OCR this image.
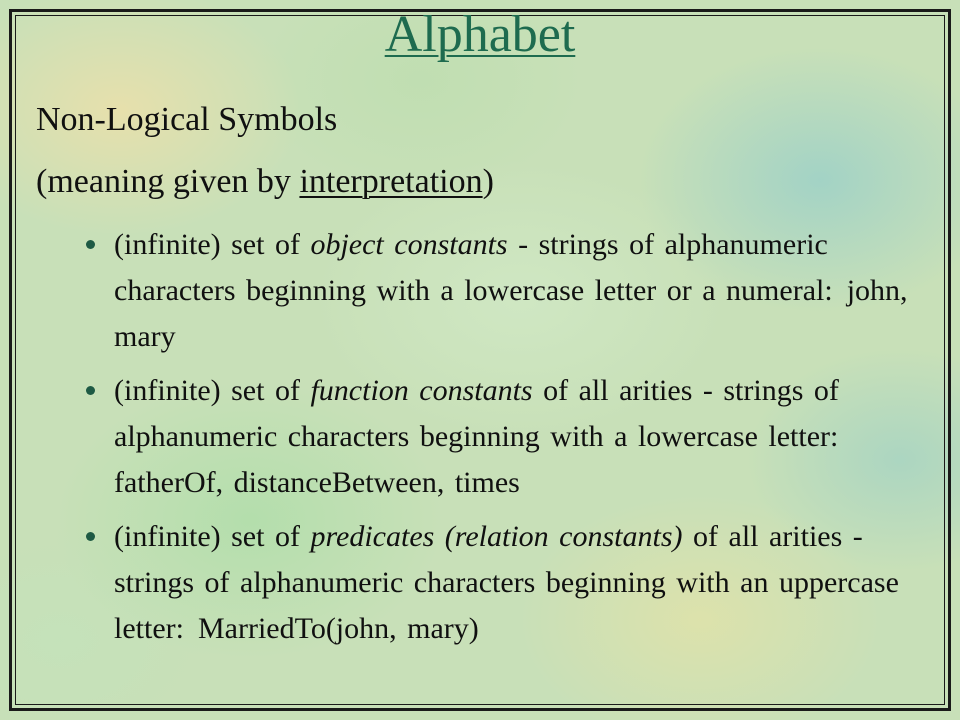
Alphabet
Non-Logical Symbols
(meaning given by interpretation)
(infinite) set of object constants - strings of alphanumeric characters beginning with a lowercase letter or a numeral: john, mary
(infinite) set of function constants of all arities - strings of alphanumeric characters beginning with a lowercase letter:fatherOf, distanceBetween, times
(infinite) set of predicates (relation constants) of all arities - strings of alphanumeric characters beginning with an uppercase letter: MarriedTo(john, mary)
